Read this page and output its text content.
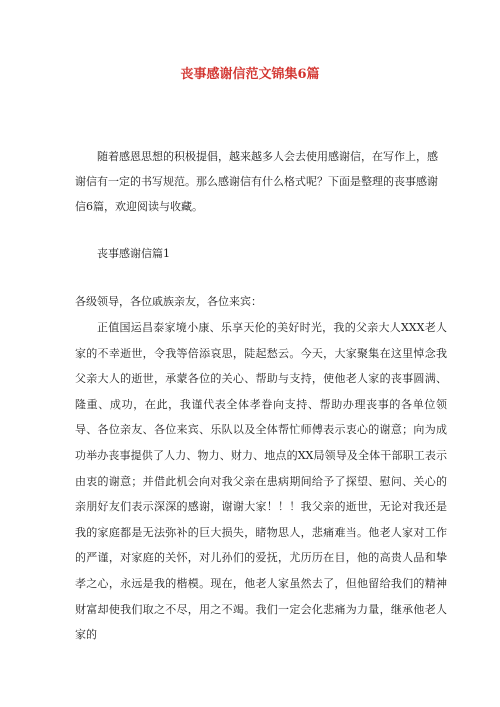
丧事感谢信范文锦集6篇

随着感恩思想的积极提倡，越来越多人会去使用感谢信，在写作上，感谢信有一定的书写规范。那么感谢信有什么格式呢？下面是整理的丧事感谢信6篇，欢迎阅读与收藏。

丧事感谢信篇1

各级领导，各位戚族亲友，各位来宾：

正值国运昌泰家境小康、乐享天伦的美好时光，我的父亲大人XXX老人家的不幸逝世，令我等倍添哀思，陡起愁云。今天，大家聚集在这里悼念我父亲大人的逝世，承蒙各位的关心、帮助与支持，使他老人家的丧事圆满、隆重、成功，在此，我谨代表全体孝眷向支持、帮助办理丧事的各单位领导、各位亲友、各位来宾、乐队以及全体帮忙师傅表示衷心的谢意；向为成功举办丧事提供了人力、物力、财力、地点的XX局领导及全体干部职工表示由衷的谢意；并借此机会向对我父亲在患病期间给予了探望、慰问、关心的亲朋好友们表示深深的感谢，谢谢大家！！！我父亲的逝世，无论对我还是我的家庭都是无法弥补的巨大损失，睹物思人，悲痛难当。他老人家对工作的严谨，对家庭的关怀，对儿孙们的爱抚，尤历历在目，他的高贵人品和挚孝之心，永远是我的楷模。现在，他老人家虽然去了，但他留给我们的精神财富却使我们取之不尽，用之不竭。我们一定会化悲痛为力量，继承他老人家的
